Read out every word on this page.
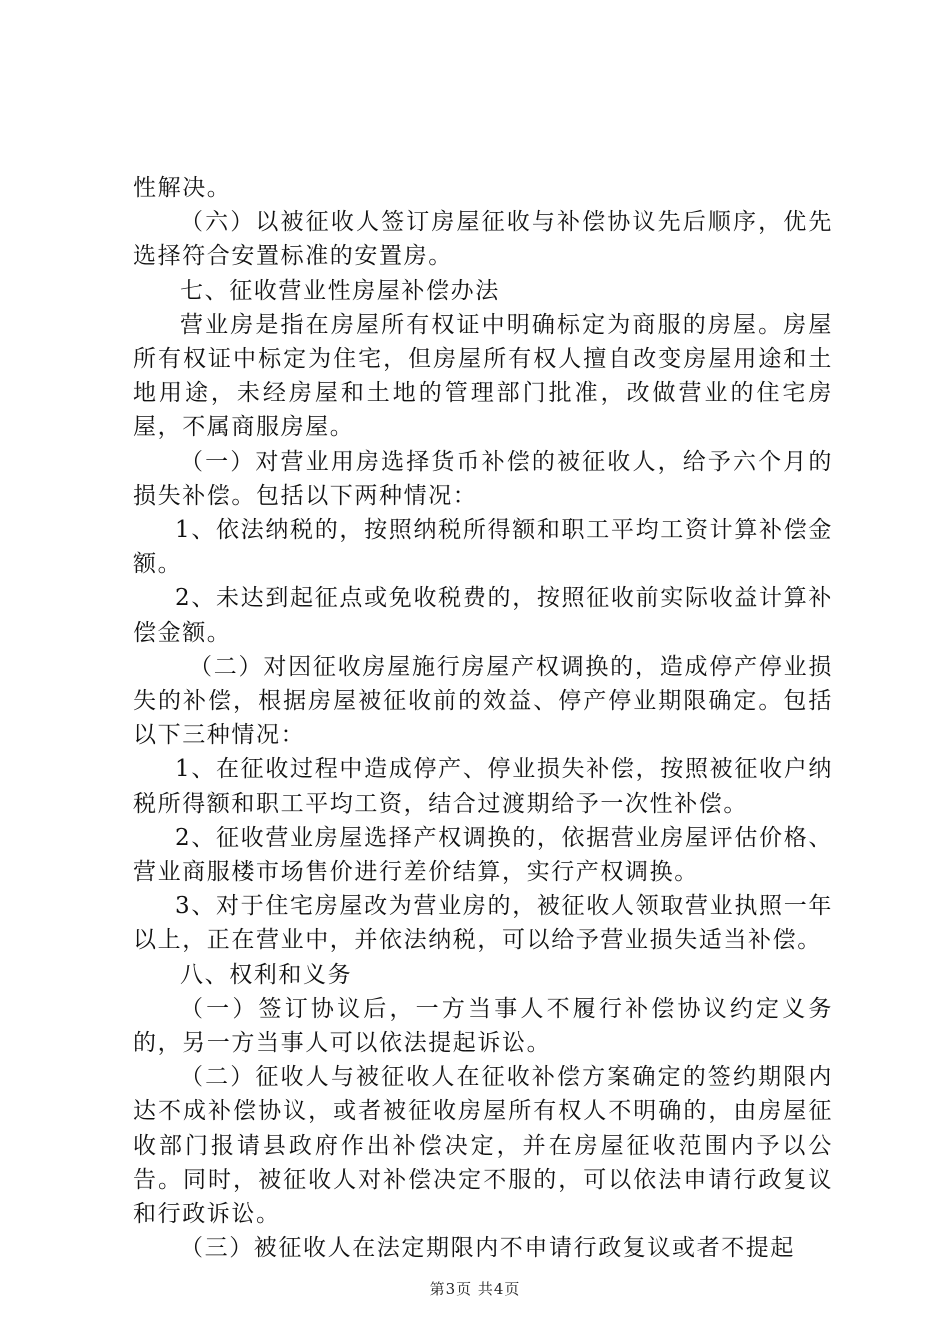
性解决。

（六）以被征收人签订房屋征收与补偿协议先后顺序，优先选择符合安置标准的安置房。

七、征收营业性房屋补偿办法

营业房是指在房屋所有权证中明确标定为商服的房屋。房屋所有权证中标定为住宅，但房屋所有权人擅自改变房屋用途和土地用途，未经房屋和土地的管理部门批准，改做营业的住宅房屋，不属商服房屋。

（一）对营业用房选择货币补偿的被征收人，给予六个月的损失补偿。包括以下两种情况：

1、依法纳税的，按照纳税所得额和职工平均工资计算补偿金额。

2、未达到起征点或免收税费的，按照征收前实际收益计算补偿金额。

（二）对因征收房屋施行房屋产权调换的，造成停产停业损失的补偿，根据房屋被征收前的效益、停产停业期限确定。包括以下三种情况：

1、在征收过程中造成停产、停业损失补偿，按照被征收户纳税所得额和职工平均工资，结合过渡期给予一次性补偿。

2、征收营业房屋选择产权调换的，依据营业房屋评估价格、营业商服楼市场售价进行差价结算，实行产权调换。

3、对于住宅房屋改为营业房的，被征收人领取营业执照一年以上，正在营业中，并依法纳税，可以给予营业损失适当补偿。

八、权利和义务

（一）签订协议后，一方当事人不履行补偿协议约定义务的，另一方当事人可以依法提起诉讼。

（二）征收人与被征收人在征收补偿方案确定的签约期限内达不成补偿协议，或者被征收房屋所有权人不明确的，由房屋征收部门报请县政府作出补偿决定，并在房屋征收范围内予以公告。同时，被征收人对补偿决定不服的，可以依法申请行政复议和行政诉讼。

（三）被征收人在法定期限内不申请行政复议或者不提起

第3页 共4页
